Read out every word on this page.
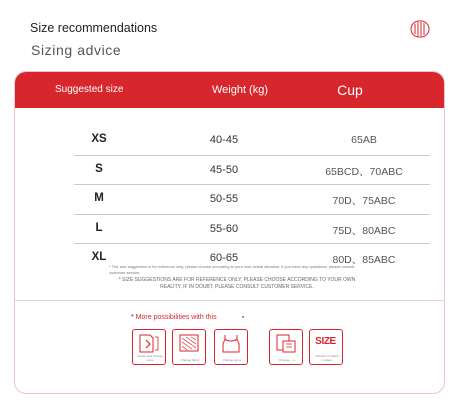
Size recommendations
Sizing advice
Suggested size	Weight (kg)	Cup
XS	40-45	65AB
S	45-50	65BCD、70ABC
M	50-55	70D、75ABC
L	55-60	75D、80ABC
XL	60-65	80D、85ABC
* The size suggestion is for reference only, please choose according to your own actual situation, if you have any questions, please consult customer service.
* SIZE SUGGESTIONS ARE FOR REFERENCE ONLY, PLEASE CHOOSE ACCORDING TO YOUR OWN REALITY, IF IN DOUBT, PLEASE CONSULT CUSTOMER SERVICE.
* More possibilities with this
Rotate and change sizes	Change fabric	Change types	Change ... s
SIZE
Number of added modes
